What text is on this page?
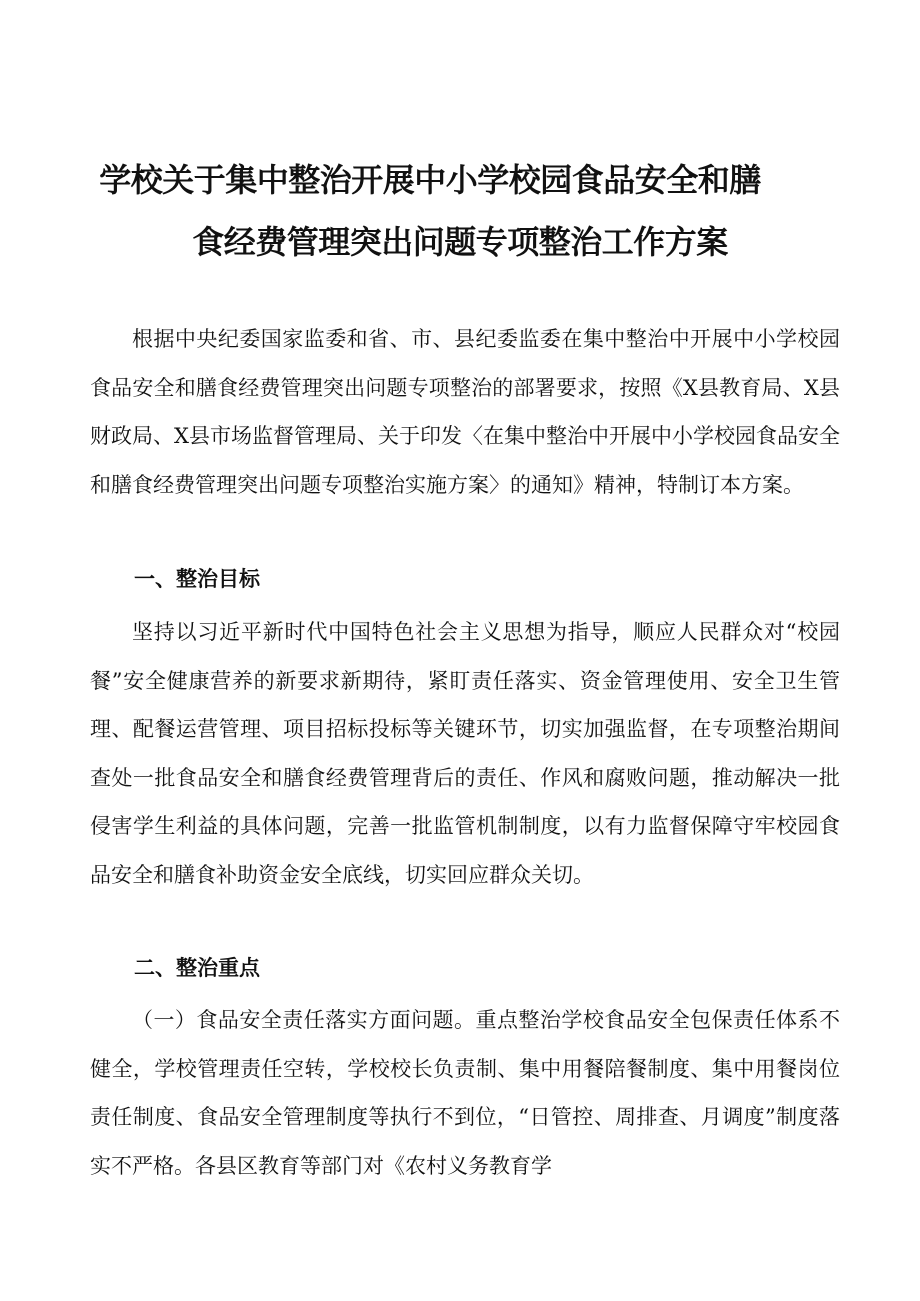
学校关于集中整治开展中小学校园食品安全和膳
食经费管理突出问题专项整治工作方案
根据中央纪委国家监委和省、市、县纪委监委在集中整治中开展中小学校园食品安全和膳食经费管理突出问题专项整治的部署要求，按照《X县教育局、X县财政局、X县市场监督管理局、关于印发〈在集中整治中开展中小学校园食品安全和膳食经费管理突出问题专项整治实施方案〉的通知》精神，特制订本方案。
一、整治目标
坚持以习近平新时代中国特色社会主义思想为指导，顺应人民群众对“校园餐”安全健康营养的新要求新期待，紧盯责任落实、资金管理使用、安全卫生管理、配餐运营管理、项目招标投标等关键环节，切实加强监督，在专项整治期间查处一批食品安全和膳食经费管理背后的责任、作风和腐败问题，推动解决一批侵害学生利益的具体问题，完善一批监管机制制度，以有力监督保障守牢校园食品安全和膳食补助资金安全底线，切实回应群众关切。
二、整治重点
（一）食品安全责任落实方面问题。重点整治学校食品安全包保责任体系不健全，学校管理责任空转，学校校长负责制、集中用餐陪餐制度、集中用餐岗位责任制度、食品安全管理制度等执行不到位，“日管控、周排查、月调度”制度落实不严格。各县区教育等部门对《农村义务教育学
